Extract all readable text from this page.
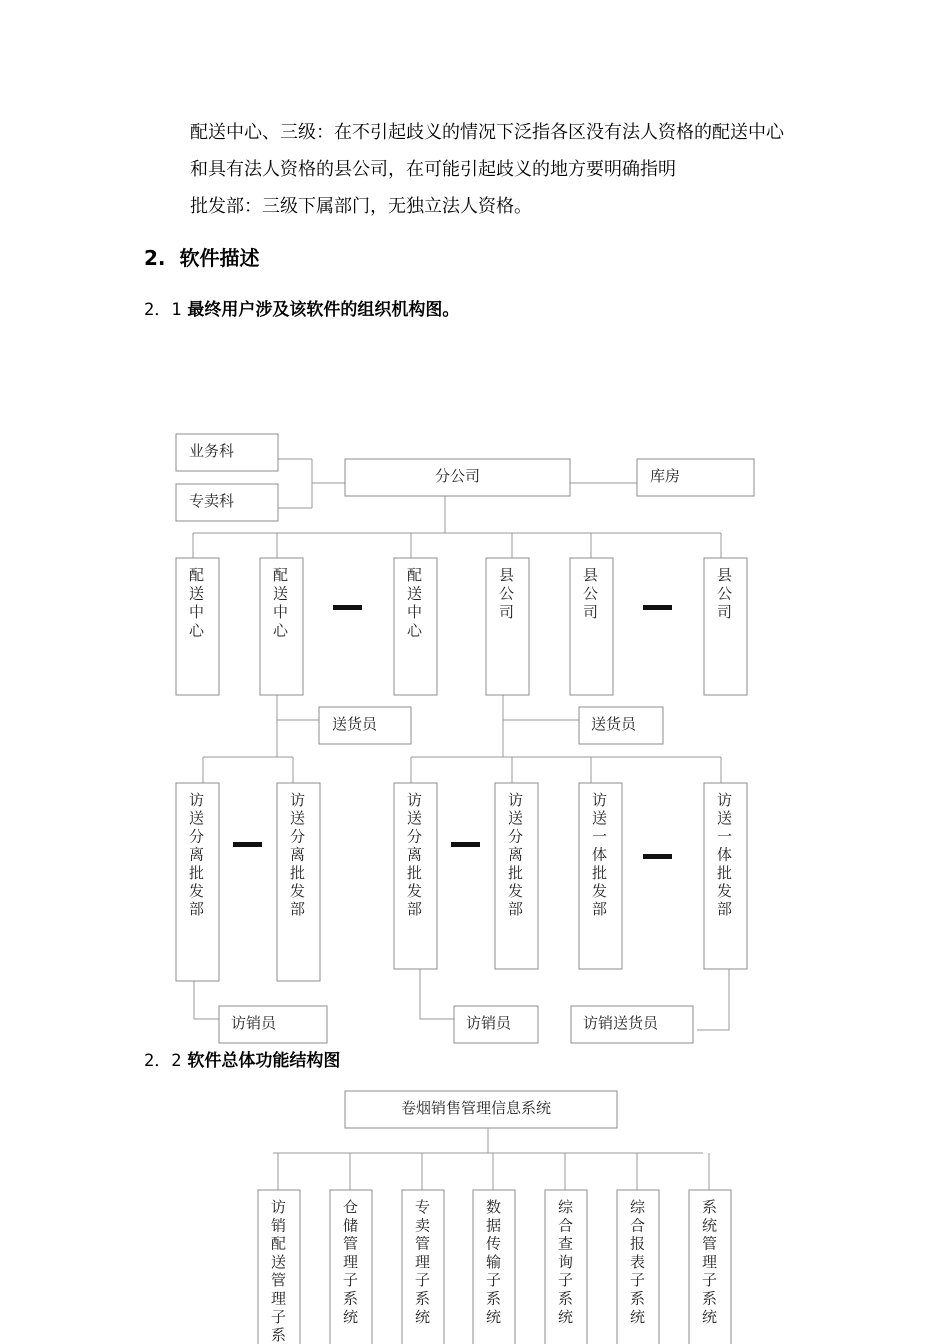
配送中心、三级：在不引起歧义的情况下泛指各区没有法人资格的配送中心
和具有法人资格的县公司，在可能引起歧义的地方要明确指明
批发部：三级下属部门，无独立法人资格。
2. 软件描述
2．1 最终用户涉及该软件的组织机构图。
2．2 软件总体功能结构图
业务科
专卖科
分公司	库房
配送中心
配送中心
配送中心
县公司
县公司
县公司
送货员	送货员
访送分离批发部
访送分离批发部
访送分离批发部
访送分离批发部
访送一体批发部
访送一体批发部
访销员	访销员	访销送货员
卷烟销售管理信息系统
访销配送管理子系
仓储管理子系统
专卖管理子系统
数据传输子系统
综合查询子系统
综合报表子系统
系统管理子系统
